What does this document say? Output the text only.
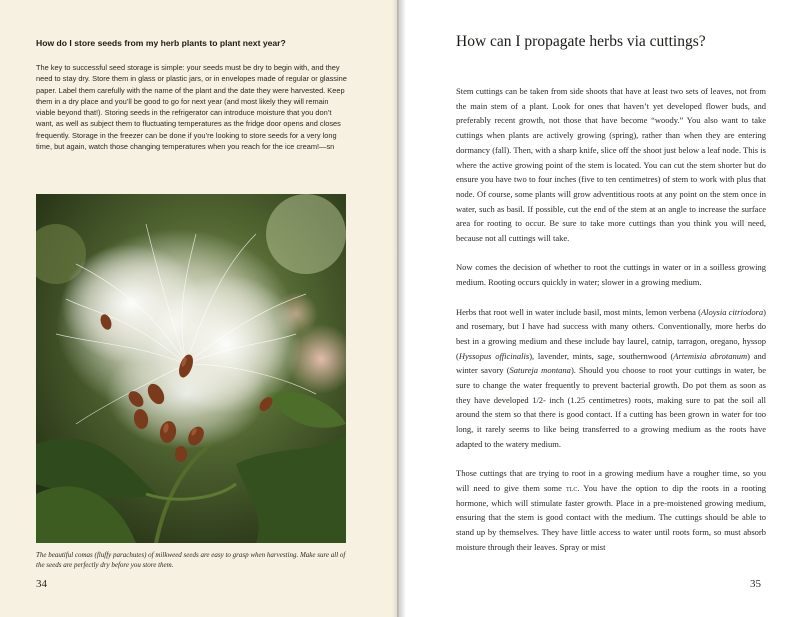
How do I store seeds from my herb plants to plant next year?

The key to successful seed storage is simple: your seeds must be dry to begin with, and they need to stay dry. Store them in glass or plastic jars, or in envelopes made of regular or glassine paper. Label them carefully with the name of the plant and the date they were harvested. Keep them in a dry place and you’ll be good to go for next year (and most likely they will remain viable beyond that!). Storing seeds in the refrigerator can introduce moisture that you don’t want, as well as subject them to fluctuating temperatures as the fridge door opens and closes frequently. Storage in the freezer can be done if you’re looking to store seeds for a very long time, but again, watch those changing temperatures when you reach for the ice cream!—sn

The beautiful comas (fluffy parachutes) of milkweed seeds are easy to grasp when harvesting. Make sure all of the seeds are perfectly dry before you store them.

34
How can I propagate herbs via cuttings?

Stem cuttings can be taken from side shoots that have at least two sets of leaves, not from the main stem of a plant. Look for ones that haven’t yet developed flower buds, and preferably recent growth, not those that have become “woody.” You also want to take cuttings when plants are actively growing (spring), rather than when they are entering dormancy (fall). Then, with a sharp knife, slice off the shoot just below a leaf node. This is where the active growing point of the stem is located. You can cut the stem shorter but do ensure you have two to four inches (five to ten centimetres) of stem to work with plus that node. Of course, some plants will grow adventitious roots at any point on the stem once in water, such as basil. If possible, cut the end of the stem at an angle to increase the surface area for rooting to occur. Be sure to take more cuttings than you think you will need, because not all cuttings will take.

Now comes the decision of whether to root the cuttings in water or in a soilless growing medium. Rooting occurs quickly in water; slower in a growing medium.

Herbs that root well in water include basil, most mints, lemon verbena (Aloysia citriodora) and rosemary, but I have had success with many others. Conventionally, more herbs do best in a growing medium and these include bay laurel, catnip, tarragon, oregano, hyssop (Hyssopus officinalis), lavender, mints, sage, southernwood (Artemisia abrotanum) and winter savory (Satureja montana). Should you choose to root your cuttings in water, be sure to change the water frequently to prevent bacterial growth. Do pot them as soon as they have developed 1/2- inch (1.25 centimetres) roots, making sure to pat the soil all around the stem so that there is good contact. If a cutting has been grown in water for too long, it rarely seems to like being transferred to a growing medium as the roots have adapted to the watery medium.

Those cuttings that are trying to root in a growing medium have a rougher time, so you will need to give them some tlc. You have the option to dip the roots in a rooting hormone, which will stimulate faster growth. Place in a pre-moistened growing medium, ensuring that the stem is good contact with the medium. The cuttings should be able to stand up by themselves. They have little access to water until roots form, so must absorb moisture through their leaves. Spray or mist

35
